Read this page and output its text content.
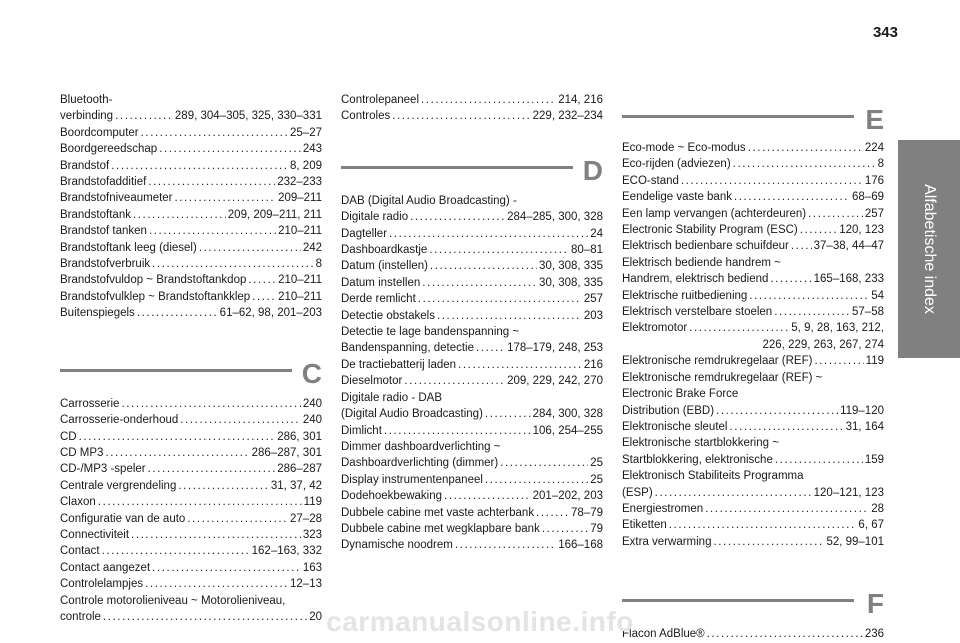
343
Alfabetische index
Bluetooth-
verbinding .....	289, 304–305, 325, 330–331
Boordcomputer .....	25–27
Boordgereedschap .....	243
Brandstof .....	8, 209
Brandstofadditief .....	232–233
Brandstofniveaumeter .....	209–211
Brandstoftank .....	209, 209–211, 211
Brandstof tanken .....	210–211
Brandstoftank leeg (diesel) .....	242
Brandstofverbruik .....	8
Brandstofvuldop ~ Brandstoftankdop .....	210–211
Brandstofvulklep ~ Brandstoftankklep ..... 210–211
Buitenspiegels .....	61–62, 98, 201–203
C
Carrosserie .....	240
Carrosserie-onderhoud .....	240
CD .....	286, 301
CD MP3 .....	286–287, 301
CD-/MP3 -speler .....	286–287
Centrale vergrendeling .....	31, 37, 42
Claxon .....	119
Configuratie van de auto .....	27–28
Connectiviteit .....	323
Contact .....	162–163, 332
Contact aangezet .....	163
Controlelampjes .....	12–13
Controle motorolieniveau ~ Motorolieniveau,
controle .....	20
Controlepaneel .....	214, 216
Controles .....	229, 232–234
D
DAB (Digital Audio Broadcasting) -
Digitale radio .....	284–285, 300, 328
Dagteller .....	24
Dashboardkastje .....	80–81
Datum (instellen) .....	30, 308, 335
Datum instellen .....	30, 308, 335
Derde remlicht .....	257
Detectie obstakels .....	203
Detectie te lage bandenspanning ~
Bandenspanning, detectie .....	178–179, 248, 253
De tractiebatterij laden .....	216
Dieselmotor .....	209, 229, 242, 270
Digitale radio - DAB
(Digital Audio Broadcasting) .....	284, 300, 328
Dimlicht .....	106, 254–255
Dimmer dashboardverlichting ~
Dashboardverlichting (dimmer) .....	25
Display instrumentenpaneel .....	25
Dodehoekbewaking .....	201–202, 203
Dubbele cabine met vaste achterbank .....	78–79
Dubbele cabine met wegklapbare bank .....	79
Dynamische noodrem .....	166–168
E
Eco-mode ~ Eco-modus .....	224
Eco-rijden (adviezen) .....	8
ECO-stand .....	176
Eendelige vaste bank .....	68–69
Een lamp vervangen (achterdeuren) .....	257
Electronic Stability Program (ESC) .....	120, 123
Elektrisch bedienbare schuifdeur ..... 37–38, 44–47
Elektrisch bediende handrem ~
Handrem, elektrisch bediend .....	165–168, 233
Elektrische ruitbediening .....	54
Elektrisch verstelbare stoelen .....	57–58
Elektromotor .....	5, 9, 28, 163, 212,
226, 229, 263, 267, 274
Elektronische remdrukregelaar (REF) .....	119
Elektronische remdrukregelaar (REF) ~
Electronic Brake Force
Distribution (EBD) .....	119–120
Elektronische sleutel .....	31, 164
Elektronische startblokkering ~
Startblokkering, elektronische .....	159
Elektronisch Stabiliteits Programma
(ESP) .....	120–121, 123
Energiestromen .....	28
Etiketten .....	6, 67
Extra verwarming .....	52, 99–101
F
Flacon AdBlue® .....	236
carmanualsonline.info
